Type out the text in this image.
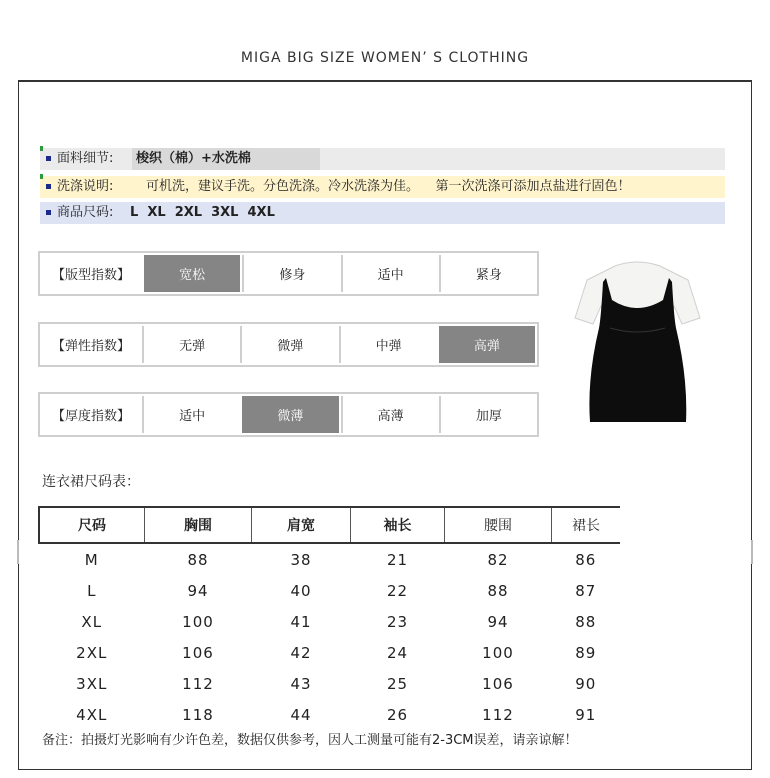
MIGA BIG SIZE WOMEN’ S CLOTHING
面料细节: 梭织（棉）+水洗棉
洗涤说明:	可机洗，建议手洗。分色洗涤。冷水洗涤为佳。    第一次洗涤可添加点盐进行固色！
商品尺码: L  XL  2XL  3XL  4XL
【版型指数】	宽松	修身	适中	紧身
【弹性指数】	无弹	微弹	中弹	高弹
【厚度指数】	适中	微薄	高薄	加厚
连衣裙尺码表：
尺码	胸围	肩宽	袖长	腰围	裙长
M	88	38	21	82	86
L	94	40	22	88	87
XL	100	41	23	94	88
2XL	106	42	24	100	89
3XL	112	43	25	106	90
4XL	118	44	26	112	91
备注：拍摄灯光影响有少许色差，数据仅供参考，因人工测量可能有2-3CM误差，请亲谅解！
